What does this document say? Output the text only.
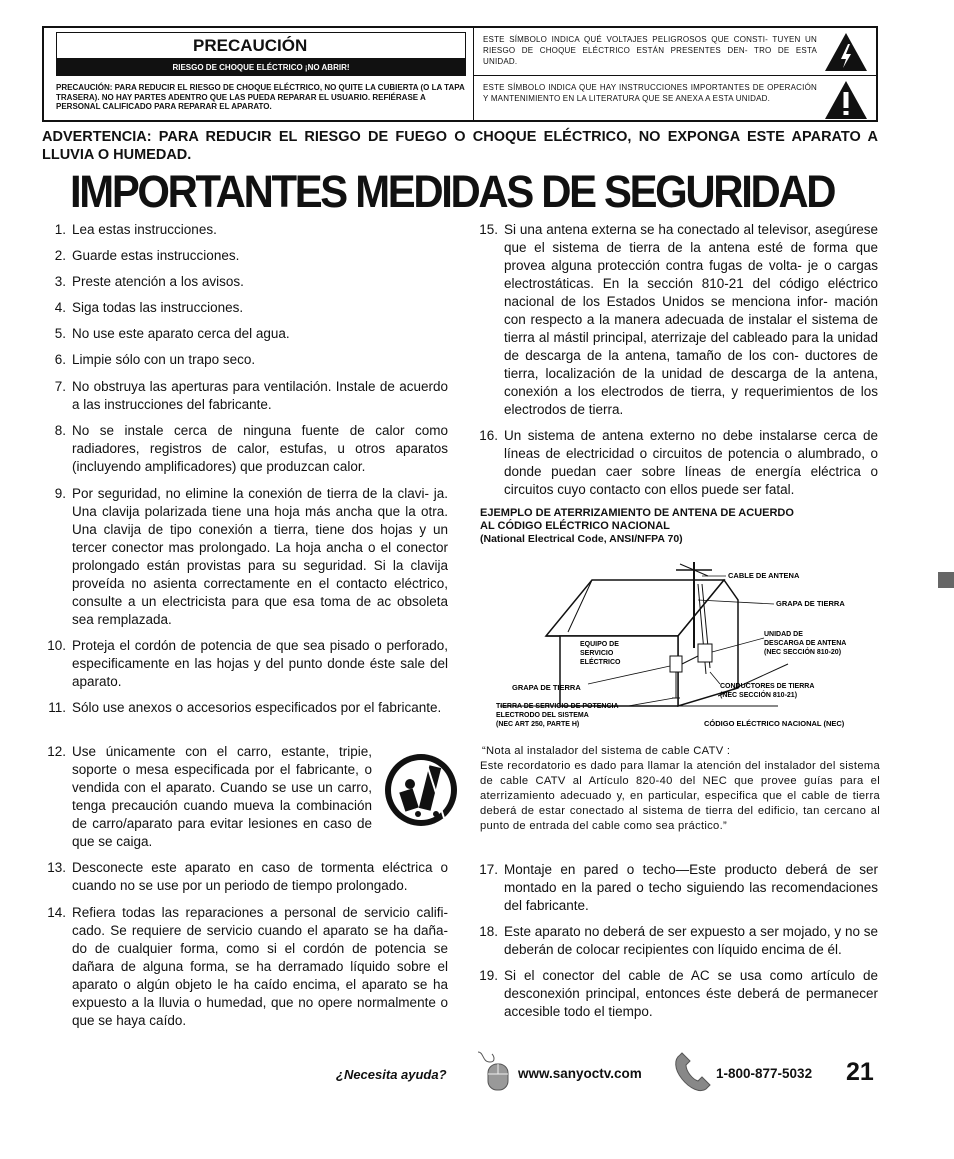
PRECAUCIÓN
RIESGO DE CHOQUE ELÉCTRICO ¡NO ABRIR!
PRECAUCIÓN: PARA REDUCIR EL RIESGO DE CHOQUE ELÉCTRICO, NO QUITE LA CUBIERTA (O LA TAPA TRASERA). NO HAY PARTES ADENTRO QUE LAS PUEDA REPARAR EL USUARIO. REFIÉRASE A PERSONAL CALIFICADO PARA REPARAR EL APARATO.
ESTE SÍMBOLO INDICA QUÉ VOLTAJES PELIGROSOS QUE CONSTI- TUYEN UN RIESGO DE CHOQUE ELÉCTRICO ESTÁN PRESENTES DEN- TRO DE ESTA UNIDAD.
ESTE SÍMBOLO INDICA QUE HAY INSTRUCCIONES IMPORTANTES DE OPERACIÓN Y MANTENIMIENTO EN LA LITERATURA QUE SE ANEXA A ESTA UNIDAD.
ADVERTENCIA: PARA REDUCIR EL RIESGO DE FUEGO O CHOQUE ELÉCTRICO, NO EXPONGA ESTE APARATO A LLUVIA O HUMEDAD.
IMPORTANTES MEDIDAS DE SEGURIDAD
1. Lea estas instrucciones.
2. Guarde estas instrucciones.
3. Preste atención a los avisos.
4. Siga todas las instrucciones.
5. No use este aparato cerca del agua.
6. Limpie sólo con un trapo seco.
7. No obstruya las aperturas para ventilación. Instale de acuerdo a las instrucciones del fabricante.
8. No se instale cerca de ninguna fuente de calor como radiadores, registros de calor, estufas, u otros aparatos (incluyendo amplificadores) que produzcan calor.
9. Por seguridad, no elimine la conexión de tierra de la clavi- ja. Una clavija polarizada tiene una hoja más ancha que la otra. Una clavija de tipo conexión a tierra, tiene dos hojas y un tercer conector mas prolongado. La hoja ancha o el conector prolongado están provistas para su seguridad. Si la clavija proveída no asienta correctamente en el contacto eléctrico, consulte a un electricista para que esa toma de ac obsoleta sea remplazada.
10. Proteja el cordón de potencia de que sea pisado o perforado, especificamente en las hojas y del punto donde éste sale del aparato.
11. Sólo use anexos o accesorios especificados por el fabricante.
12. Use únicamente con el carro, estante, tripie, soporte o mesa especificada por el fabricante, o vendida con el aparato. Cuando se use un carro, tenga precaución cuando mueva la combinación de carro/aparato para evitar lesiones en caso de que se caiga.
13. Desconecte este aparato en caso de tormenta eléctrica o cuando no se use por un periodo de tiempo prolongado.
14. Refiera todas las reparaciones a personal de servicio califi- cado. Se requiere de servicio cuando el aparato se ha daña- do de cualquier forma, como si el cordón de potencia se dañara de alguna forma, se ha derramado líquido sobre el aparato o algún objeto le ha caído encima, el aparato se ha expuesto a la lluvia o humedad, que no opere normalmente o que se haya caído.
15. Si una antena externa se ha conectado al televisor, asegúrese que el sistema de tierra de la antena esté de forma que provea alguna protección contra fugas de volta- je o cargas electrostáticas. En la sección 810-21 del código eléctrico nacional de los Estados Unidos se menciona infor- mación con respecto a la manera adecuada de instalar el sistema de tierra al mástil principal, aterrizaje del cableado para la unidad de descarga de la antena, tamaño de los con- ductores de tierra, localización de la unidad de descarga de la antena, conexión a los electrodos de tierra, y requerimientos de los electrodos de tierra.
16. Un sistema de antena externo no debe instalarse cerca de líneas de electricidad o circuitos de potencia o alumbrado, o donde puedan caer sobre líneas de energía eléctrica o circuitos cuyo contacto con ellos puede ser fatal.
17. Montaje en pared o techo—Este producto deberá de ser montado en la pared o techo siguiendo las recomendaciones del fabricante.
18. Este aparato no deberá de ser expuesto a ser mojado, y no se deberán de colocar recipientes con líquido encima de él.
19. Si el conector del cable de AC se usa como artículo de desconexión principal, entonces éste deberá de permanecer accesible todo el tiempo.
EJEMPLO DE ATERRIZAMIENTO DE ANTENA DE ACUERDO
AL CÓDIGO ELÉCTRICO NACIONAL
(National Electrical Code, ANSI/NFPA 70)
CABLE DE ANTENA
GRAPA DE TIERRA
UNIDAD DE
DESCARGA DE ANTENA
(NEC SECCIÓN 810-20)
EQUIPO DE
SERVICIO
ELÉCTRICO
GRAPA DE TIERRA	CONDUCTORES DE TIERRA
(NEC SECCIÓN 810-21)
TIERRA DE SERVICIO DE POTENCIA
ELECTRODO DEL SISTEMA
(NEC ART 250, PARTE H)	CÓDIGO ELÉCTRICO NACIONAL (NEC)
“Nota al instalador del sistema de cable CATV :
Este recordatorio es dado para llamar la atención del instalador del sistema de cable CATV al Artículo 820-40 del NEC que provee guías para el aterrizamiento adecuado y, en particular, especifica que el cable de tierra deberá de estar conectado al sistema de tierra del edificio, tan cercano al punto de entrada del cable como sea práctico.”
¿Necesita ayuda?	www.sanyoctv.com	1-800-877-5032 21
